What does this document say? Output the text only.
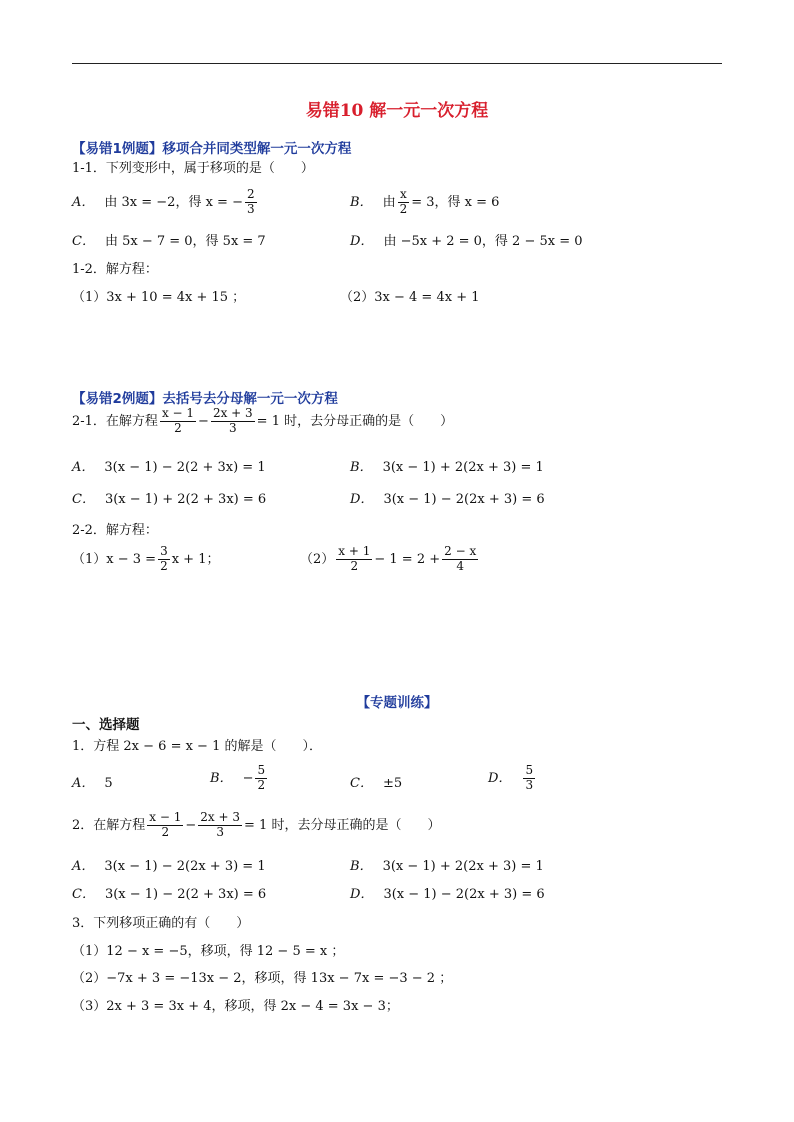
易错10 解一元一次方程
【易错1例题】移项合并同类型解一元一次方程
1-1．下列变形中，属于移项的是（　　）
A． 由 3x = −2，得 x = − $\frac{2}{3}$	B． 由 $\frac{x}{2} = 3$，得 x = 6
C． 由 5x − 7 = 0，得 5x = 7	D． 由 −5x + 2 = 0，得 2 − 5x = 0
1-2．解方程：
（1）3x + 10 = 4x + 15 ；	（2）3x − 4 = 4x + 1
【易错2例题】去括号去分母解一元一次方程
2-1．在解方程 $\frac{x - 1}{2} - \frac{2x + 3}{3} = 1$ 时，去分母正确的是（　　）
A． 3(x − 1) − 2(2 + 3x) = 1	B． 3(x − 1) + 2(2x + 3) = 1
C． 3(x − 1) + 2(2 + 3x) = 6	D． 3(x − 1) − 2(2x + 3) = 6
2-2．解方程：
$(1)x - 3 = \frac{3}{2}$ x + 1；	$(2) \frac{x + 1}{2} - 1 = 2 + \frac{2 - x}{4}$
【专题训练】
一、选择题
1．方程 2x − 6 = x − 1 的解是（　　）．
A． 5	B． − $\frac{5}{2}$	C． ±5	D． $\frac{5}{3}$
2．在解方程 $\frac{x - 1}{2} - \frac{2x + 3}{3} = 1$ 时，去分母正确的是（　　）
A． 3(x − 1) − 2(2x + 3) = 1	B． 3(x − 1) + 2(2x + 3) = 1
C． 3(x − 1) − 2(2 + 3x) = 6	D． 3(x − 1) − 2(2x + 3) = 6
3．下列移项正确的有（　　）
（1）12 − x = −5，移项，得 12 − 5 = x ；
（2）−7x + 3 = −13x − 2，移项，得 13x − 7x = −3 − 2 ；
（3）2x + 3 = 3x + 4，移项，得 2x − 4 = 3x − 3；
